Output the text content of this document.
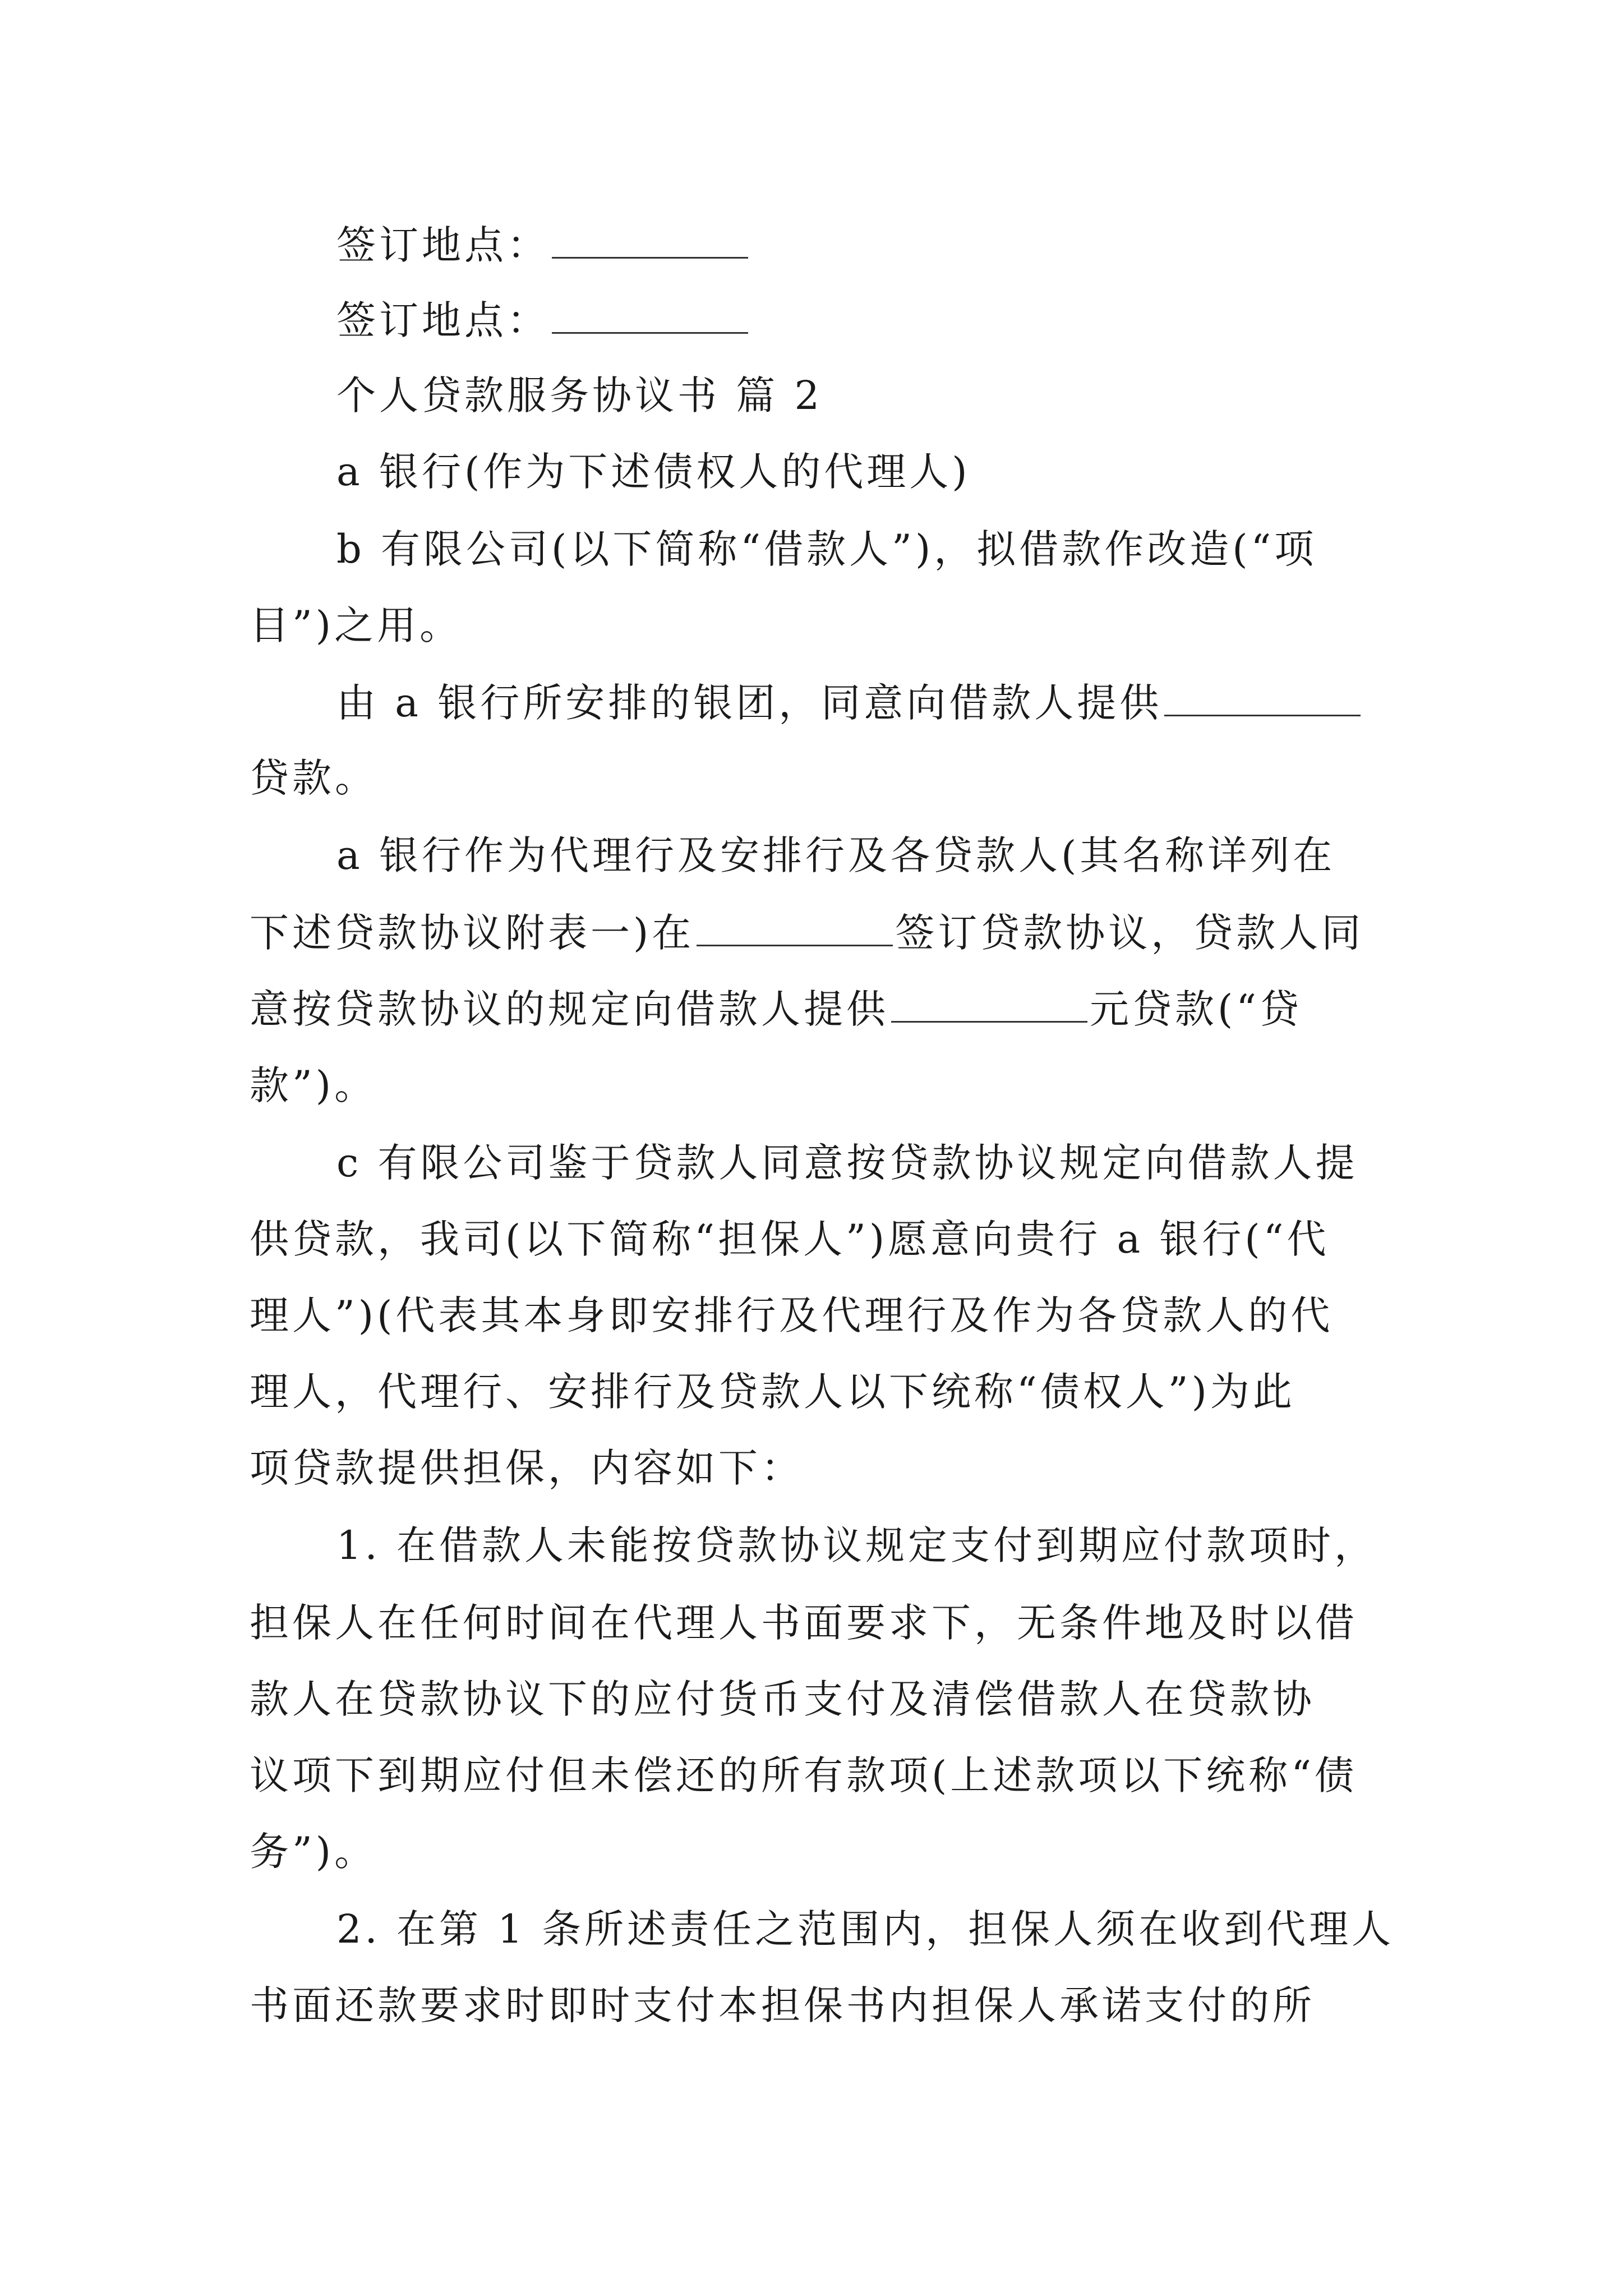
签订地点：
签订地点：
个人贷款服务协议书 篇 2
a 银行(作为下述债权人的代理人)
b 有限公司(以下简称“借款人”)，拟借款作改造(“项
目”)之用。
由 a 银行所安排的银团，同意向借款人提供
贷款。
a 银行作为代理行及安排行及各贷款人(其名称详列在
下述贷款协议附表一)在	签订贷款协议，贷款人同
意按贷款协议的规定向借款人提供	元贷款(“贷
款”)。
c 有限公司鉴于贷款人同意按贷款协议规定向借款人提
供贷款，我司(以下简称“担保人”)愿意向贵行 a 银行(“代
理人”)(代表其本身即安排行及代理行及作为各贷款人的代
理人，代理行、安排行及贷款人以下统称“债权人”)为此
项贷款提供担保，内容如下：
1. 在借款人未能按贷款协议规定支付到期应付款项时，
担保人在任何时间在代理人书面要求下，无条件地及时以借
款人在贷款协议下的应付货币支付及清偿借款人在贷款协
议项下到期应付但未偿还的所有款项(上述款项以下统称“债
务”)。
2. 在第 1 条所述责任之范围内，担保人须在收到代理人
书面还款要求时即时支付本担保书内担保人承诺支付的所
